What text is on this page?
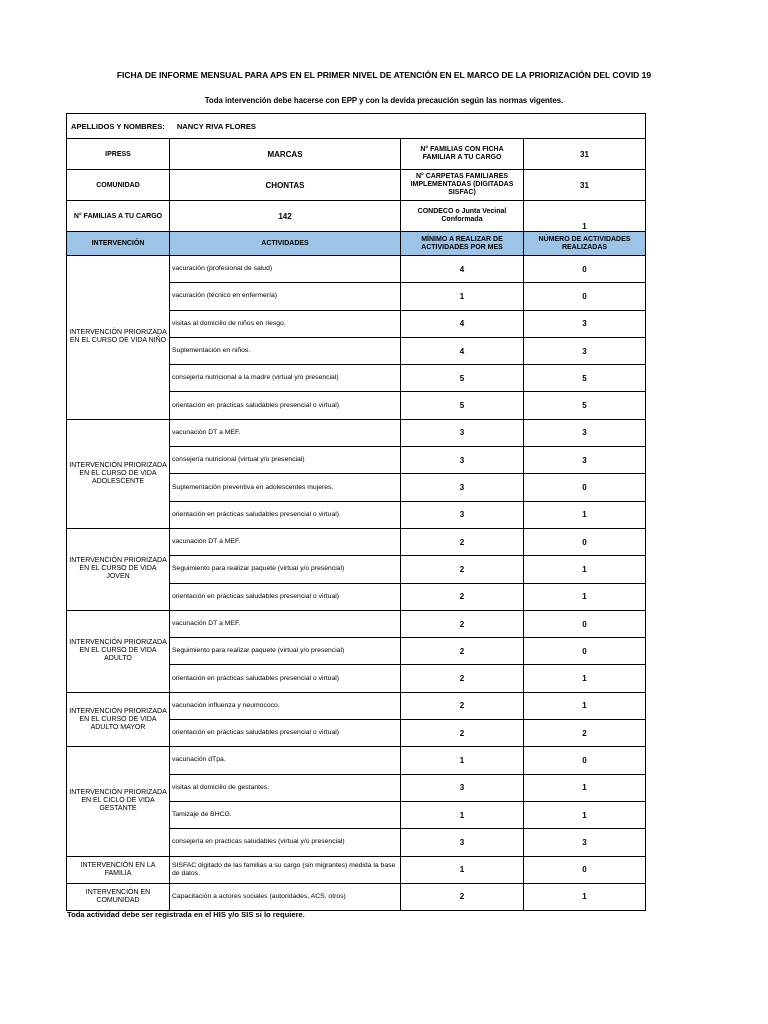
FICHA DE INFORME MENSUAL PARA APS EN EL PRIMER NIVEL DE ATENCIÓN EN EL MARCO DE LA PRIORIZACIÓN DEL COVID 19
Toda intervención debe hacerse con EPP y con la devida precaución según las normas vigentes.
APELLIDOS Y NOMBRES: NANCY RIVA FLORES			
IPRESS	MARCAS	N° FAMILIAS CON FICHA FAMILIAR A TU CARGO	31
COMUNIDAD	CHONTAS	N° CARPETAS FAMILIARES IMPLEMENTADAS (DIGITADAS SISFAC)	31
N° FAMILIAS A TU CARGO	142	CONDECO o Junta Vecinal Conformada	1
INTERVENCIÓN	ACTIVIDADES	MÍNIMO A REALIZAR DE ACTIVIDADES POR MES	NÚMERO DE ACTIVIDADES REALIZADAS
INTERVENCIÓN PRIORIZADA EN EL CURSO DE VIDA NIÑO	vacuración (profesional de salud)	4	0
	vacuración (técnico en enfermería)	1	0
	visitas al domicilio de niños en riesgo.	4	3
	Suplementación en niños.	4	3
	consejería nutricional a la madre (virtual y/o presencial)	5	5
	orientación en prácticas saludables presencial o virtual)	5	5
INTERVENCIÓN PRIORIZADA EN EL CURSO DE VIDA ADOLESCENTE	vacunación DT a MEF.	3	3
	consejería nutricional (virtual y/o presencial)	3	3
	Suplementación preventiva en adolescentes mujeres.	3	0
	orientación en prácticas saludables presencial o virtual)	3	1
INTERVENCIÓN PRIORIZADA EN EL CURSO DE VIDA JOVEN	vacunación DT a MEF.	2	0
	Seguimiento para realizar paquete (virtual y/o presencial)	2	1
	orientación en prácticas saludables presencial o virtual)	2	1
INTERVENCIÓN PRIORIZADA EN EL CURSO DE VIDA ADULTO	vacunación DT a MEF.	2	0
	Seguimiento para realizar paquete (virtual y/o presencial)	2	0
	orientación en prácticas saludables presencial o virtual)	2	1
INTERVENCIÓN PRIORIZADA EN EL CURSO DE VIDA ADULTO MAYOR	vacunación influenza y neumococo.	2	1
	orientación en prácticas saludables presencial o virtual)	2	2
INTERVENCIÓN PRIORIZADA EN EL CICLO DE VIDA GESTANTE	vacunación dTpa.	1	0
	visitas al domicilio de gestantes.	3	1
	Tamizaje de BHCG.	1	1
	consejería en practicas saludables (virtual y/o presencial)	3	3
INTERVENCIÓN EN LA FAMILIA	SISFAC digitado de las familias a su cargo (sin migrantes) medida la base de datos.	1	0
INTERVENCIÓN EN COMUNIDAD	Capacitación a actores sociales (autoridades, ACS, otros)	2	1
Toda actividad debe ser registrada en el HIS y/o SIS si lo requiere.
